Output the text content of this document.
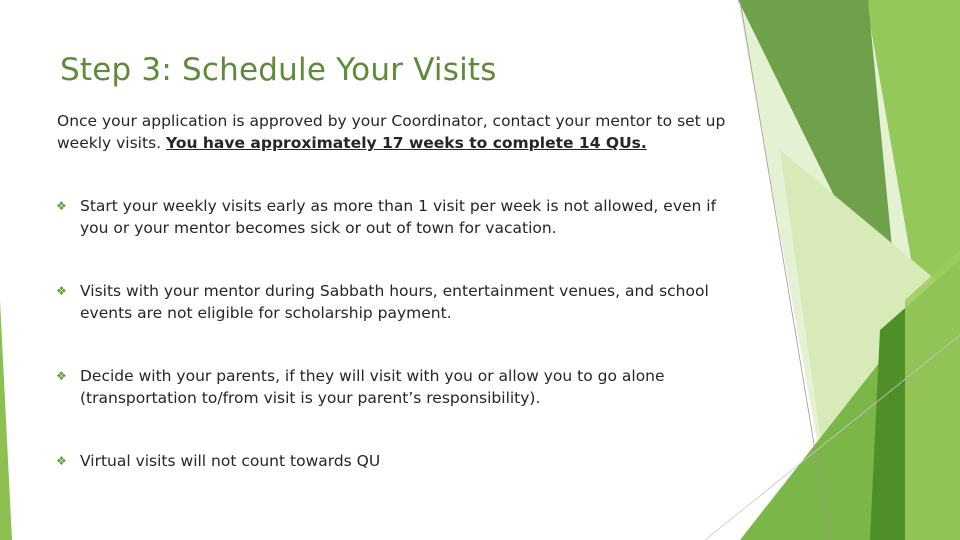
Step 3: Schedule Your Visits
Once your application is approved by your Coordinator, contact your mentor to set up weekly visits. You have approximately 17 weeks to complete 14 QUs.
❖ Start your weekly visits early as more than 1 visit per week is not allowed, even if you or your mentor becomes sick or out of town for vacation.
❖ Visits with your mentor during Sabbath hours, entertainment venues, and school events are not eligible for scholarship payment.
❖ Decide with your parents, if they will visit with you or allow you to go alone (transportation to/from visit is your parent’s responsibility).
❖ Virtual visits will not count towards QU
